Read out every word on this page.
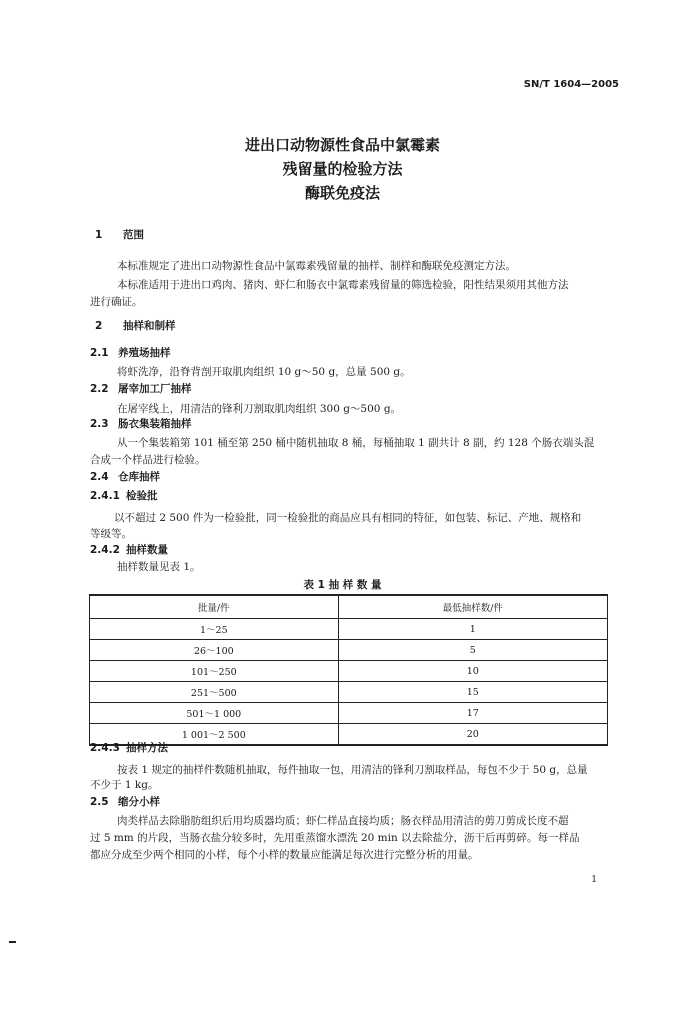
SN/T 1604—2005
进出口动物源性食品中氯霉素
残留量的检验方法
酶联免疫法
1 范围
本标准规定了进出口动物源性食品中氯霉素残留量的抽样、制样和酶联免疫测定方法。
本标准适用于进出口鸡肉、猪肉、虾仁和肠衣中氯霉素残留量的筛选检验，阳性结果须用其他方法
进行确证。
2 抽样和制样
2.1 养殖场抽样
将虾洗净，沿脊背剖开取肌肉组织 10 g～50 g，总量 500 g。
2.2 屠宰加工厂抽样
在屠宰线上，用清洁的锋利刀割取肌肉组织 300 g～500 g。
2.3 肠衣集装箱抽样
从一个集装箱第 101 桶至第 250 桶中随机抽取 8 桶，每桶抽取 1 副共计 8 副，约 128 个肠衣端头混
合成一个样品进行检验。
2.4 仓库抽样
2.4.1 检验批
以不超过 2 500 件为一检验批，同一检验批的商品应具有相同的特征，如包装、标记、产地、规格和
等级等。
2.4.2 抽样数量
抽样数量见表 1。
表 1 抽 样 数 量
批量/件	最低抽样数/件
1～25	1
26～100	5
101～250	10
251～500	15
501～1 000	17
1 001～2 500	20
2.4.3 抽样方法
按表 1 规定的抽样件数随机抽取，每件抽取一包，用清洁的锋利刀割取样品，每包不少于 50 g，总量
不少于 1 kg。
2.5 缩分小样
肉类样品去除脂肪组织后用均质器均质；虾仁样品直接均质；肠衣样品用清洁的剪刀剪成长度不超
过 5 mm 的片段，当肠衣盐分较多时，先用重蒸馏水漂洗 20 min 以去除盐分，沥干后再剪碎。每一样品
都应分成至少两个相同的小样，每个小样的数量应能满足每次进行完整分析的用量。
1
